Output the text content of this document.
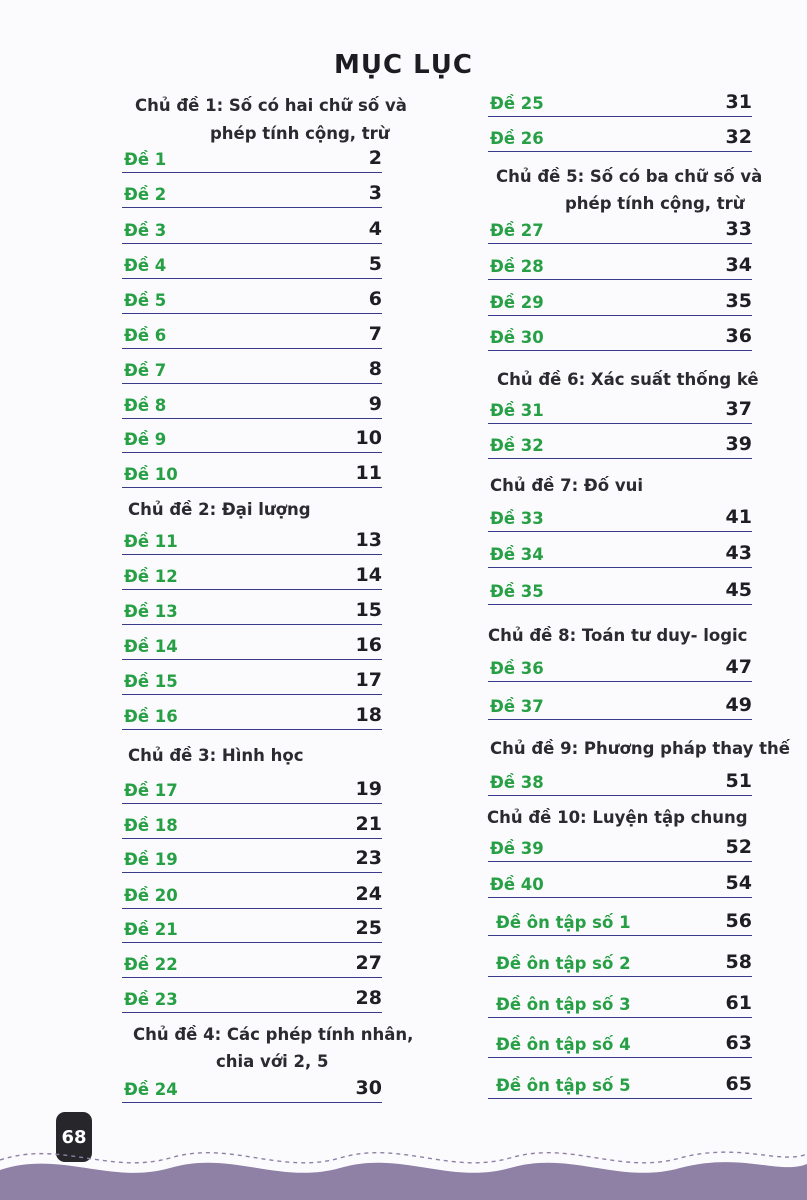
MỤC LỤC
Chủ đề 1: Số có hai chữ số và
phép tính cộng, trừ
Đề 1	2
Đề 2	3
Đề 3	4
Đề 4	5
Đề 5	6
Đề 6	7
Đề 7	8
Đề 8	9
Đề 9	10
Đề 10	11
Chủ đề 2: Đại lượng
Đề 11	13
Đề 12	14
Đề 13	15
Đề 14	16
Đề 15	17
Đề 16	18
Chủ đề 3: Hình học
Đề 17	19
Đề 18	21
Đề 19	23
Đề 20	24
Đề 21	25
Đề 22	27
Đề 23	28
Chủ đề 4: Các phép tính nhân,
chia với 2, 5
Đề 24	30
Đề 25	31
Đề 26	32
Chủ đề 5: Số có ba chữ số và
phép tính cộng, trừ
Đề 27	33
Đề 28	34
Đề 29	35
Đề 30	36
Chủ đề 6: Xác suất thống kê
Đề 31	37
Đề 32	39
Chủ đề 7: Đố vui
Đề 33	41
Đề 34	43
Đề 35	45
Chủ đề 8: Toán tư duy- logic
Đề 36	47
Đề 37	49
Chủ đề 9: Phương pháp thay thế
Đề 38	51
Chủ đề 10: Luyện tập chung
Đề 39	52
Đề 40	54
Đề ôn tập số 1	56
Đề ôn tập số 2	58
Đề ôn tập số 3	61
Đề ôn tập số 4	63
Đề ôn tập số 5	65
68
